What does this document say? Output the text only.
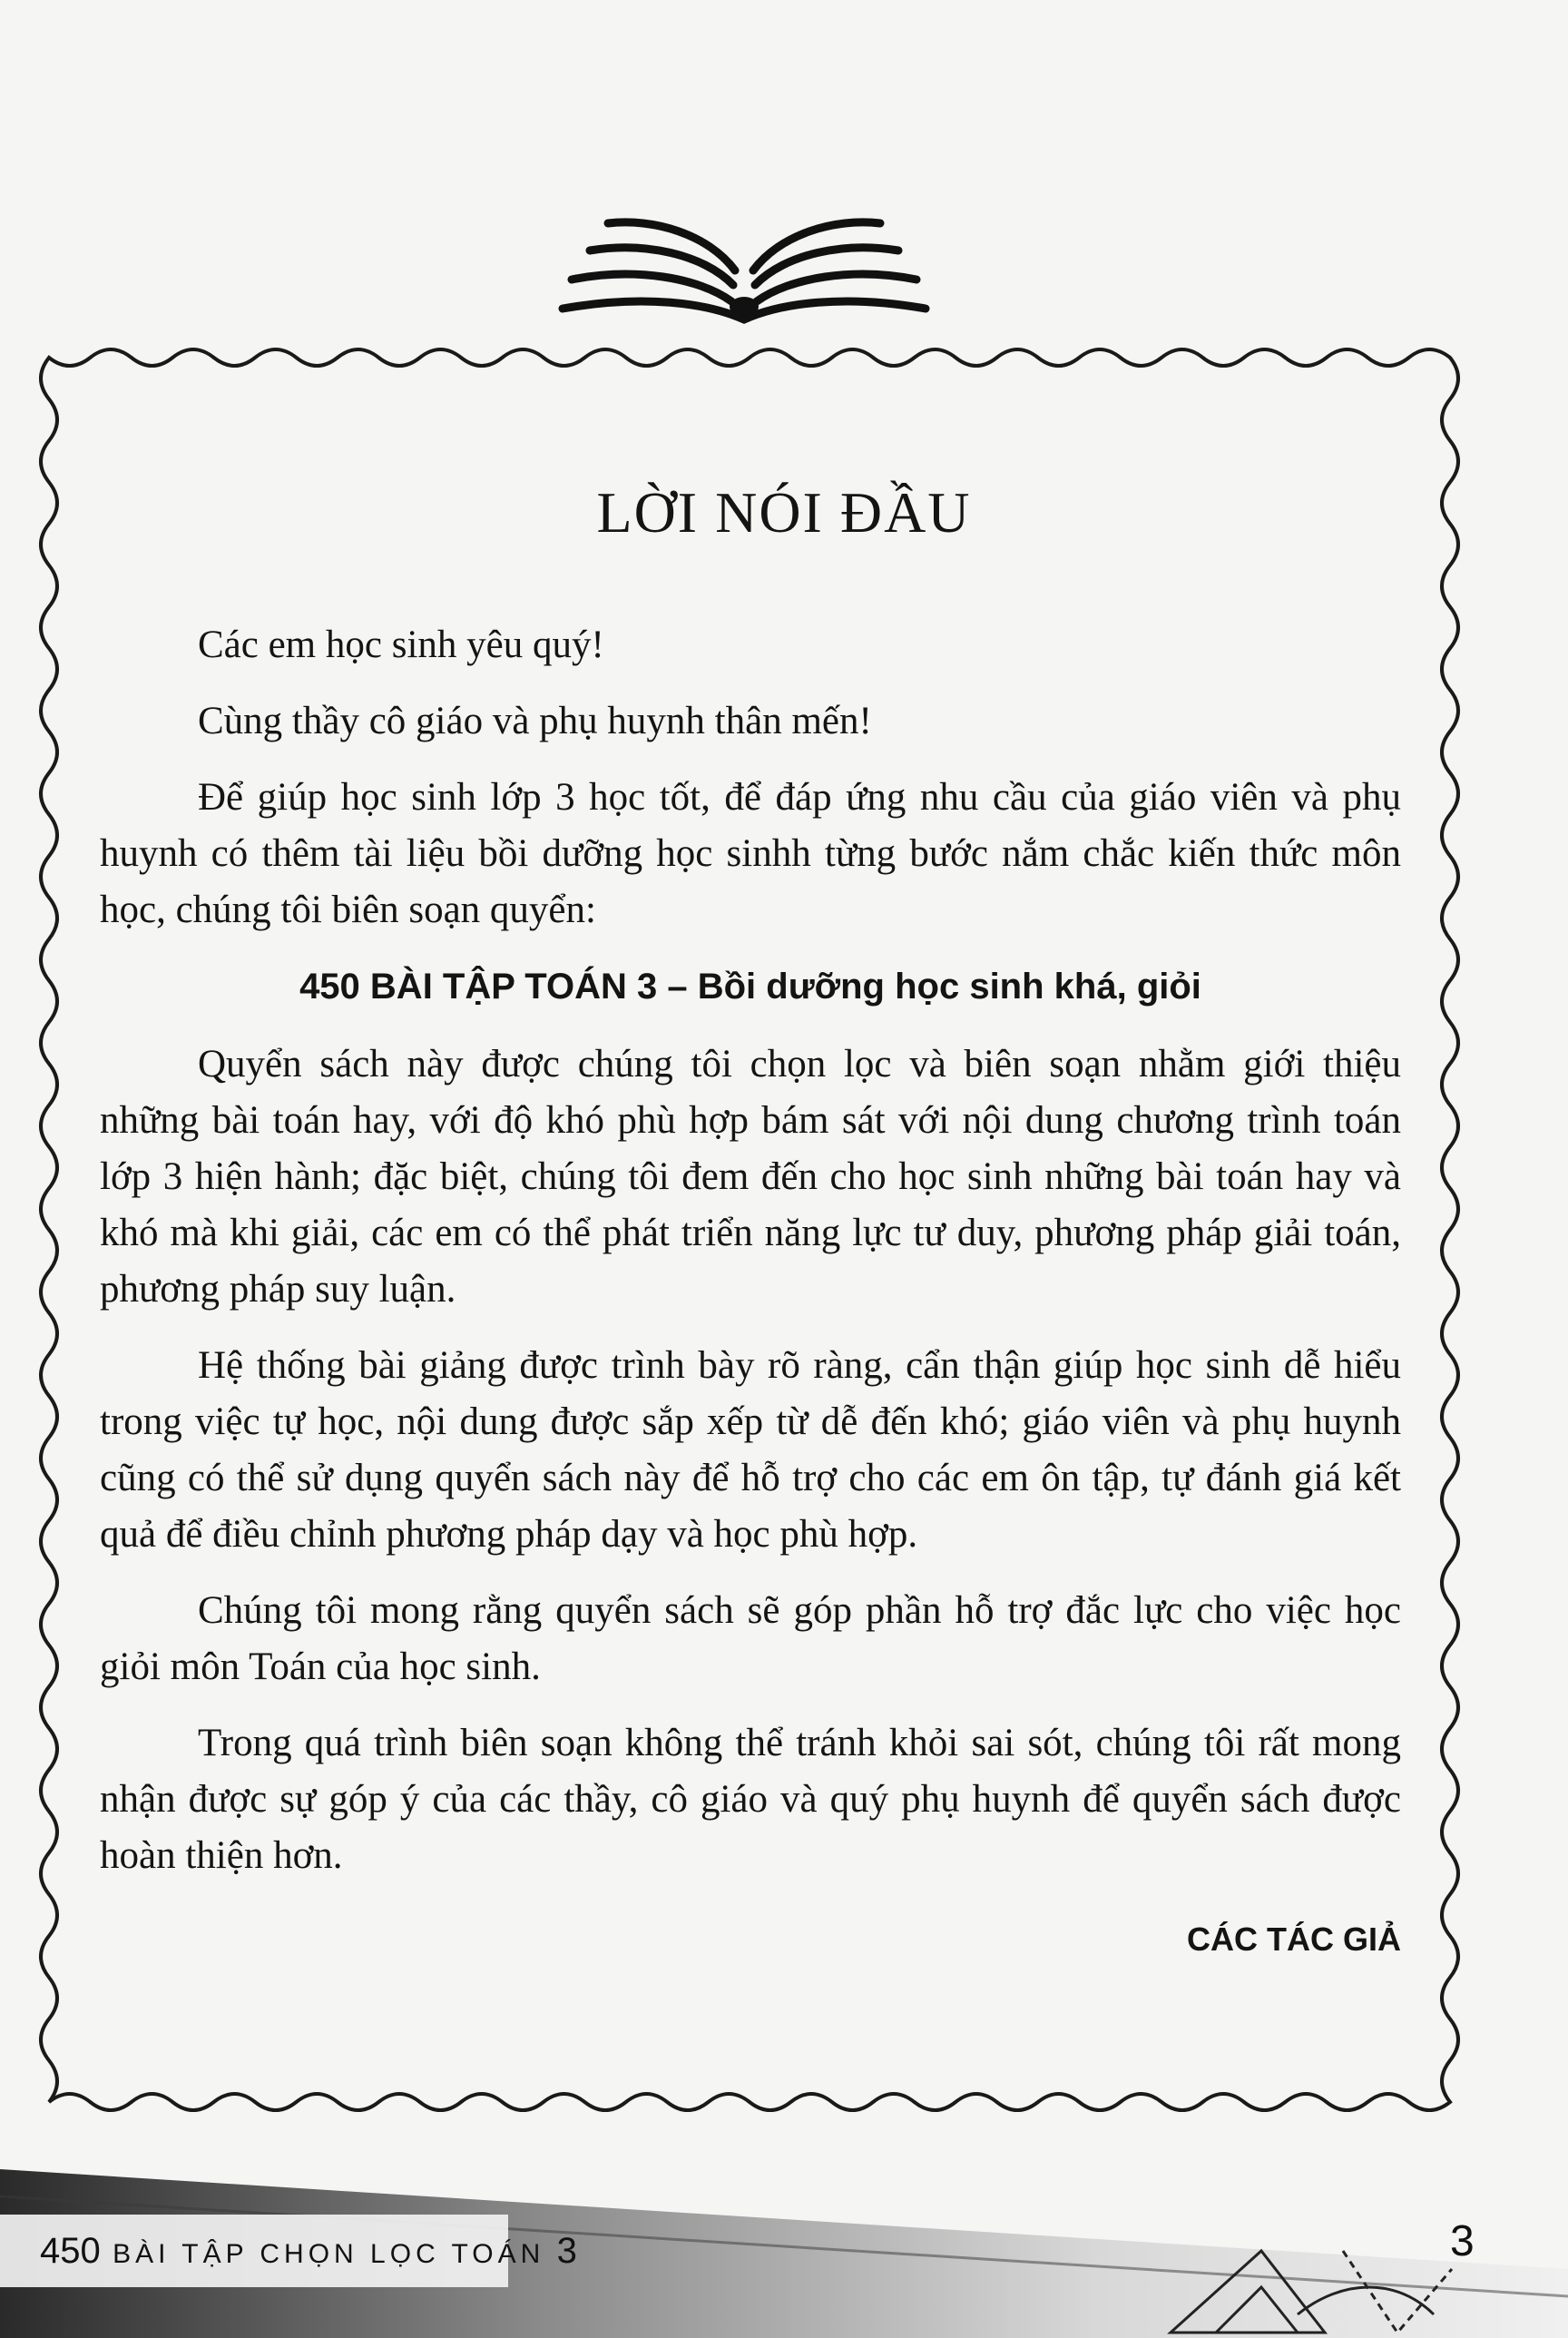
LỜI NÓI ĐẦU

Các em học sinh yêu quý!

Cùng thầy cô giáo và phụ huynh thân mến!

Để giúp học sinh lớp 3 học tốt, để đáp ứng nhu cầu của giáo viên và phụ huynh có thêm tài liệu bồi dưỡng học sinhh từng bước nắm chắc kiến thức môn học, chúng tôi biên soạn quyển:

450 BÀI TẬP TOÁN 3 – Bồi dưỡng học sinh khá, giỏi

Quyển sách này được chúng tôi chọn lọc và biên soạn nhằm giới thiệu những bài toán hay, với độ khó phù hợp bám sát với nội dung chương trình toán lớp 3 hiện hành; đặc biệt, chúng tôi đem đến cho học sinh những bài toán hay và khó mà khi giải, các em có thể phát triển năng lực tư duy, phương pháp giải toán, phương pháp suy luận.

Hệ thống bài giảng được trình bày rõ ràng, cẩn thận giúp học sinh dễ hiểu trong việc tự học, nội dung được sắp xếp từ dễ đến khó; giáo viên và phụ huynh cũng có thể sử dụng quyển sách này để hỗ trợ cho các em ôn tập, tự đánh giá kết quả để điều chỉnh phương pháp dạy và học phù hợp.

Chúng tôi mong rằng quyển sách sẽ góp phần hỗ trợ đắc lực cho việc học giỏi môn Toán của học sinh.

Trong quá trình biên soạn không thể tránh khỏi sai sót, chúng tôi rất mong nhận được sự góp ý của các thầy, cô giáo và quý phụ huynh để quyển sách được hoàn thiện hơn.

CÁC TÁC GIẢ

450 BÀI TẬP CHỌN LỌC TOÁN 3	3
